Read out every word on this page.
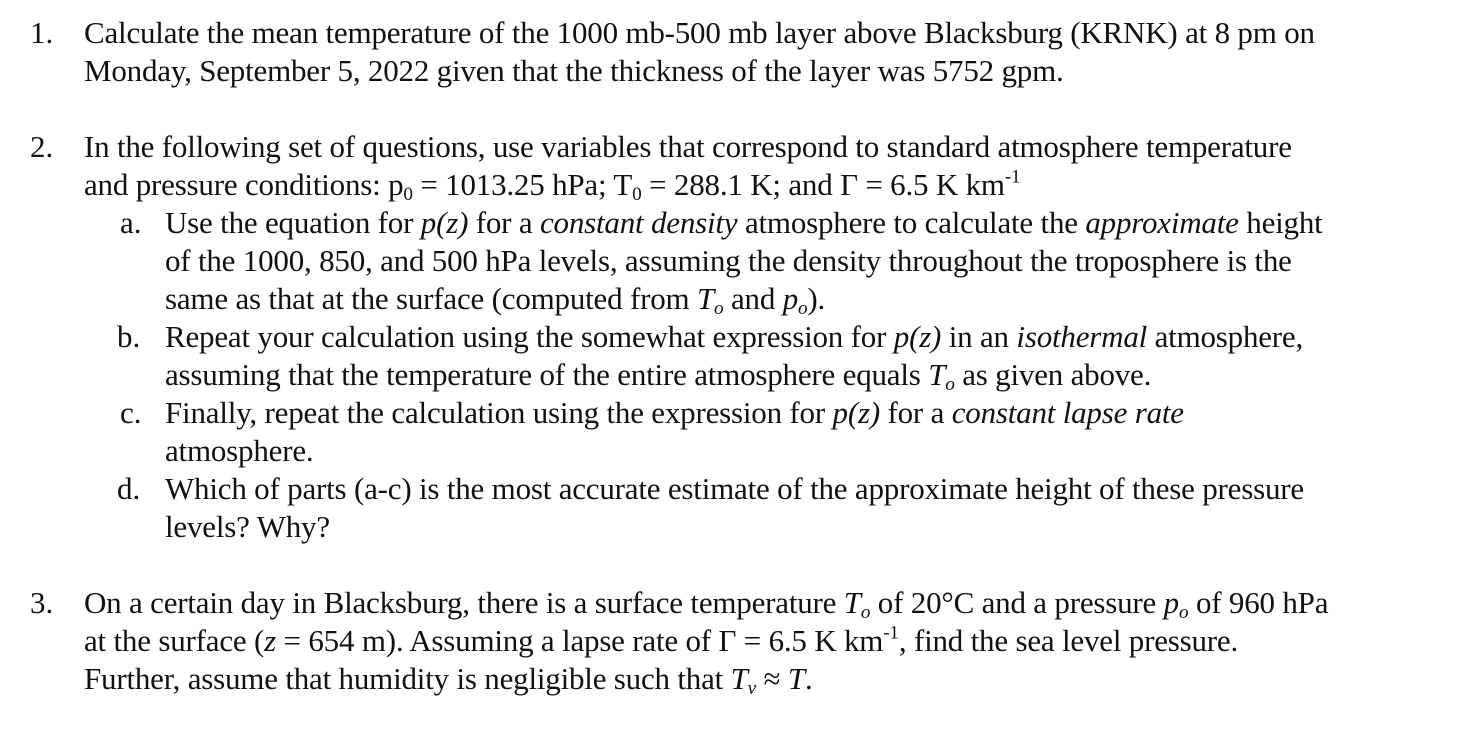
1. Calculate the mean temperature of the 1000 mb-500 mb layer above Blacksburg (KRNK) at 8 pm on
Monday, September 5, 2022 given that the thickness of the layer was 5752 gpm.
2. In the following set of questions, use variables that correspond to standard atmosphere temperature
and pressure conditions: $p_0 = 1013.25$ hPa; $T_0 = 288.1$ K; and Γ = 6.5 K $km^{-1}$
a. Use the equation for p(z) for a constant density atmosphere to calculate the approximate height
of the 1000, 850, and 500 hPa levels, assuming the density throughout the troposphere is the
same as that at the surface (computed from $T_o$ and $p_o$).
b. Repeat your calculation using the somewhat expression for p(z) in an isothermal atmosphere,
assuming that the temperature of the entire atmosphere equals $T_o$ as given above.
c. Finally, repeat the calculation using the expression for p(z) for a constant lapse rate
atmosphere.
d. Which of parts (a-c) is the most accurate estimate of the approximate height of these pressure
levels? Why?
3. On a certain day in Blacksburg, there is a surface temperature $T_o$ of 20°C and a pressure $p_o$ of 960 hPa
at the surface (z = 654 m). Assuming a lapse rate of Γ = 6.5 K $km^{-1}$, find the sea level pressure.
Further, assume that humidity is negligible such that $T_v \approx T$.
